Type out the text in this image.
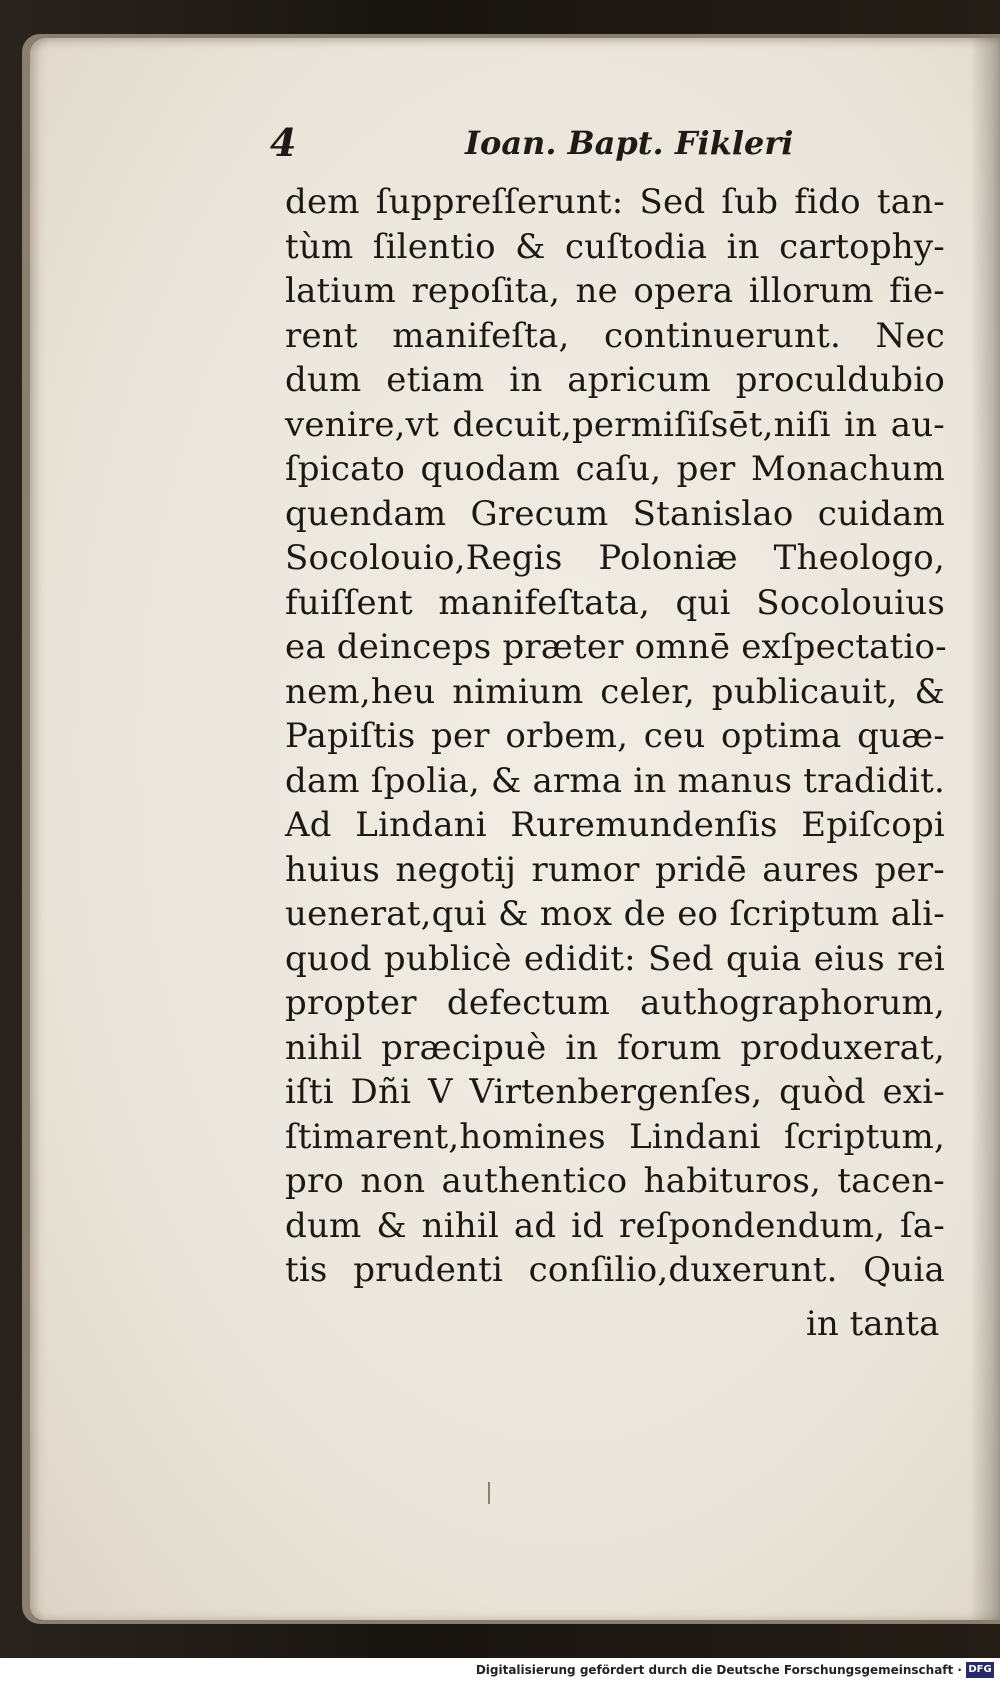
4	Ioan. Bapt. Fikleri
dem ſuppreſſerunt: Sed ſub fido tan-
tùm ſilentio & cuſtodia in cartophy-
latium repoſita, ne opera illorum fie-
rent manifeſta, continuerunt. Nec
dum etiam in apricum proculdubio
venire,vt decuit,permiſiſsēt,niſi in au-
ſpicato quodam caſu, per Monachum
quendam Grecum Stanislao cuidam
Socolouio,Regis Poloniæ Theologo,
fuiſſent manifeſtata, qui Socolouius
ea deinceps præter omnē exſpectatio-
nem,heu nimium celer, publicauit, &
Papiſtis per orbem, ceu optima quæ-
dam ſpolia, & arma in manus tradidit.
Ad Lindani Ruremundenſis Epiſcopi
huius negotij rumor pridē aures per-
uenerat,qui & mox de eo ſcriptum ali-
quod publicè edidit: Sed quia eius rei
propter defectum authographorum,
nihil præcipuè in forum produxerat,
iſti Dñi V Virtenbergenſes, quòd exi-
ſtimarent,homines Lindani ſcriptum,
pro non authentico habituros, tacen-
dum & nihil ad id reſpondendum, ſa-
tis prudenti conſilio,duxerunt. Quia
in tanta
Digitalisierung gefördert durch die Deutsche Forschungsgemeinschaft · DFG
